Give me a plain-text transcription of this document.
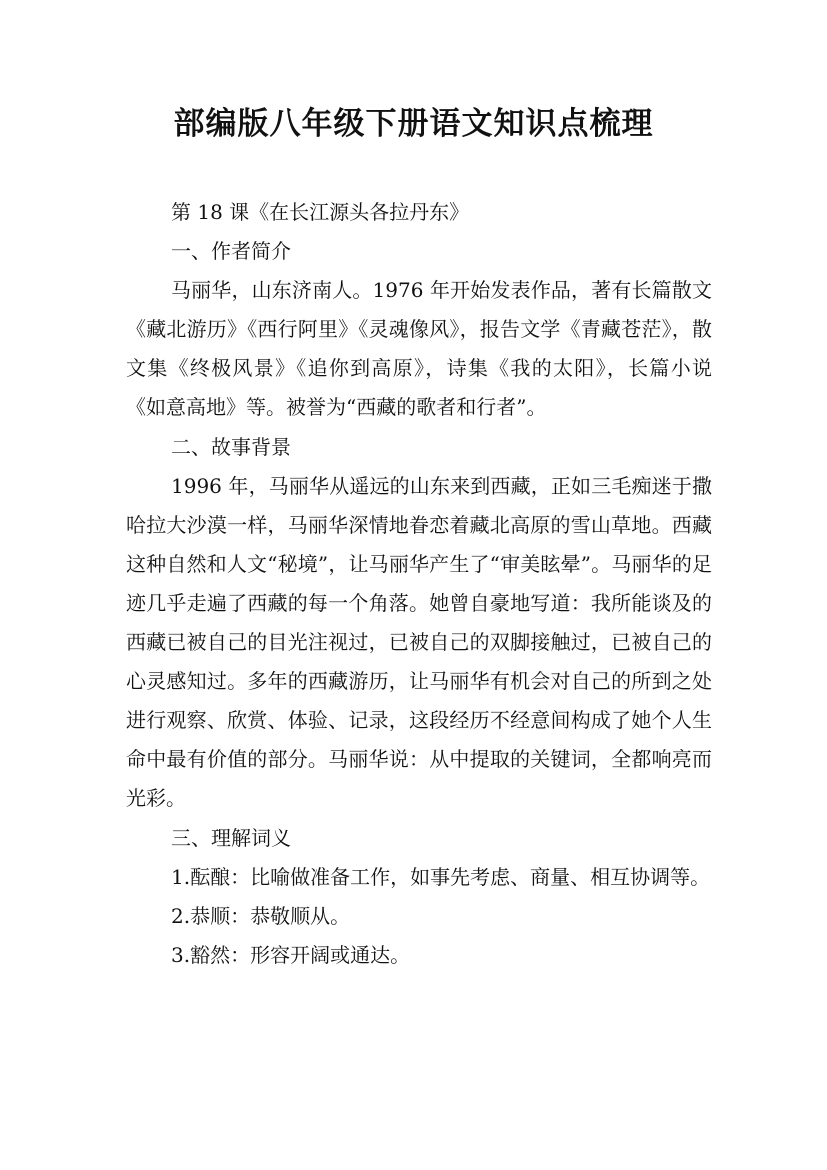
部编版八年级下册语文知识点梳理

第 18 课《在长江源头各拉丹东》

一、作者简介

马丽华，山东济南人。1976 年开始发表作品，著有长篇散文《藏北游历》《西行阿里》《灵魂像风》，报告文学《青藏苍茫》，散文集《终极风景》《追你到高原》，诗集《我的太阳》，长篇小说《如意高地》等。被誉为“西藏的歌者和行者”。

二、故事背景

1996 年，马丽华从遥远的山东来到西藏，正如三毛痴迷于撒哈拉大沙漠一样，马丽华深情地眷恋着藏北高原的雪山草地。西藏这种自然和人文“秘境”，让马丽华产生了“审美眩晕”。马丽华的足迹几乎走遍了西藏的每一个角落。她曾自豪地写道：我所能谈及的西藏已被自己的目光注视过，已被自己的双脚接触过，已被自己的心灵感知过。多年的西藏游历，让马丽华有机会对自己的所到之处进行观察、欣赏、体验、记录，这段经历不经意间构成了她个人生命中最有价值的部分。马丽华说：从中提取的关键词，全都响亮而光彩。

三、理解词义

1.酝酿：比喻做准备工作，如事先考虑、商量、相互协调等。

2.恭顺：恭敬顺从。

3.豁然：形容开阔或通达。
